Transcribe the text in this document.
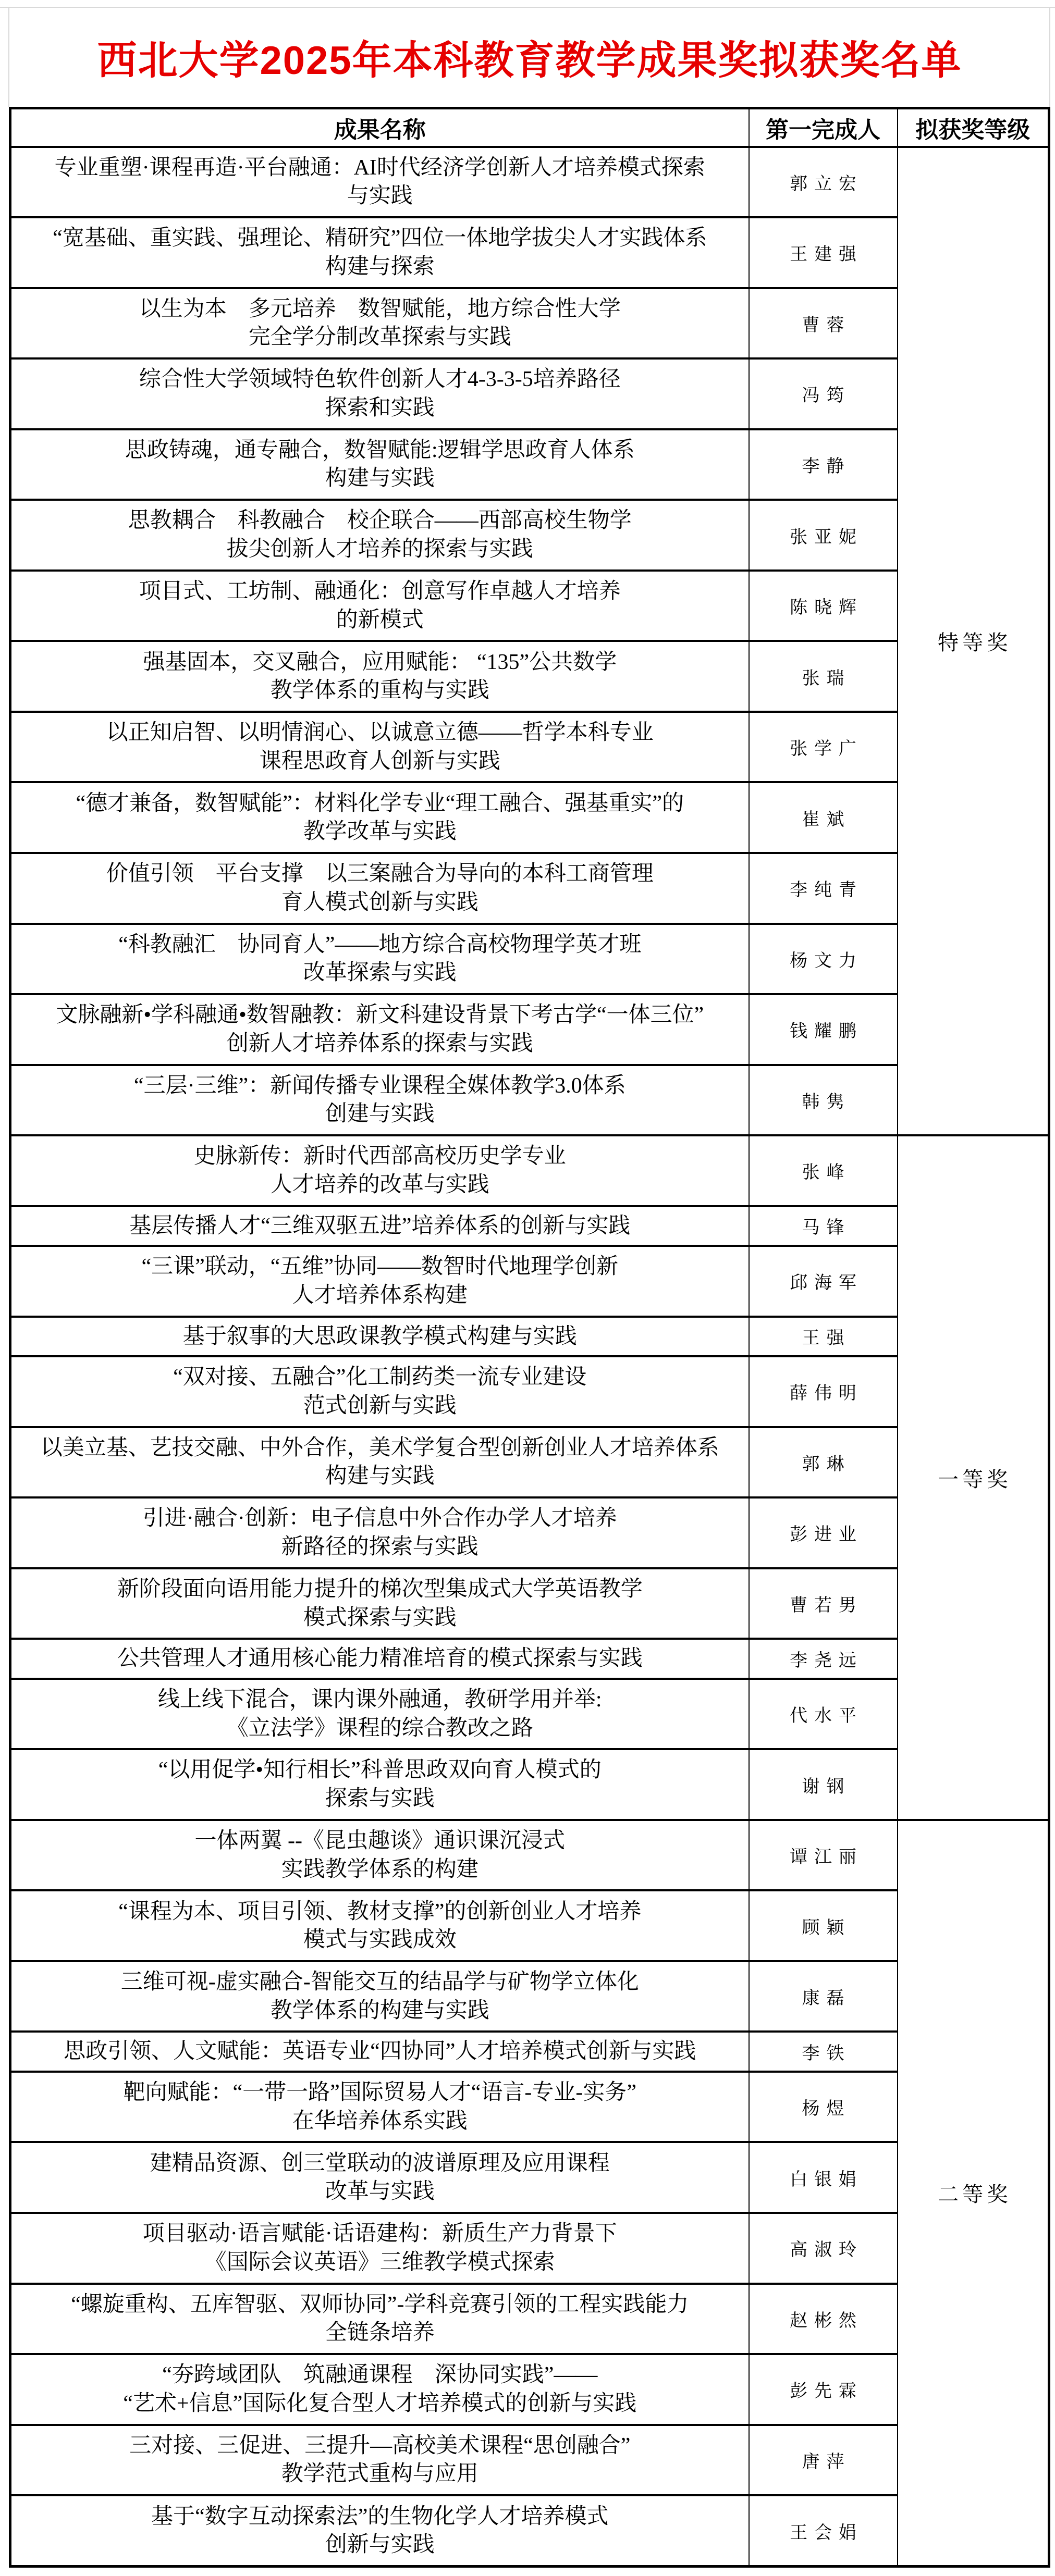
西北大学2025年本科教育教学成果奖拟获奖名单
成果名称	第一完成人	拟获奖等级

专业重塑·课程再造·平台融通：AI时代经济学创新人才培养模式探索
与实践	郭立宏	特等奖

“宽基础、重实践、强理论、精研究”四位一体地学拔尖人才实践体系
构建与探索	王建强	

以生为本　多元培养　数智赋能，地方综合性大学
完全学分制改革探索与实践	曹蓉	

综合性大学领域特色软件创新人才4-3-3-5培养路径
探索和实践	冯筠	

思政铸魂，通专融合，数智赋能:逻辑学思政育人体系
构建与实践	李静	

思教耦合　科教融合　校企联合——西部高校生物学
拔尖创新人才培养的探索与实践	张亚妮	

项目式、工坊制、融通化：创意写作卓越人才培养
的新模式	陈晓辉	

强基固本，交叉融合，应用赋能： “135”公共数学
教学体系的重构与实践	张瑞	

以正知启智、以明情润心、以诚意立德——哲学本科专业
课程思政育人创新与实践	张学广	

“德才兼备，数智赋能”：材料化学专业“理工融合、强基重实”的
教学改革与实践	崔斌	

价值引领　平台支撑　以三案融合为导向的本科工商管理
育人模式创新与实践	李纯青	

“科教融汇　协同育人”——地方综合高校物理学英才班
改革探索与实践	杨文力	

文脉融新•学科融通•数智融教：新文科建设背景下考古学“一体三位”
创新人才培养体系的探索与实践	钱耀鹏	

“三层·三维”：新闻传播专业课程全媒体教学3.0体系
创建与实践	韩隽	

史脉新传：新时代西部高校历史学专业
人才培养的改革与实践	张峰	一等奖

基层传播人才“三维双驱五进”培养体系的创新与实践	马锋	

“三课”联动，“五维”协同——数智时代地理学创新
人才培养体系构建	邱海军	

基于叙事的大思政课教学模式构建与实践	王强	

“双对接、五融合”化工制药类一流专业建设
范式创新与实践	薛伟明	

以美立基、艺技交融、中外合作，美术学复合型创新创业人才培养体系
构建与实践	郭琳	

引进·融合·创新：电子信息中外合作办学人才培养
新路径的探索与实践	彭进业	

新阶段面向语用能力提升的梯次型集成式大学英语教学
模式探索与实践	曹若男	

公共管理人才通用核心能力精准培育的模式探索与实践	李尧远	

线上线下混合，课内课外融通，教研学用并举:
《立法学》课程的综合教改之路	代水平	

“以用促学•知行相长”科普思政双向育人模式的
探索与实践	谢钢	

一体两翼 --《昆虫趣谈》通识课沉浸式
实践教学体系的构建	谭江丽	二等奖

“课程为本、项目引领、教材支撑”的创新创业人才培养
模式与实践成效	顾颖	

三维可视-虚实融合-智能交互的结晶学与矿物学立体化
教学体系的构建与实践	康磊	

思政引领、人文赋能：英语专业“四协同”人才培养模式创新与实践	李铁	

靶向赋能：“一带一路”国际贸易人才“语言-专业-实务”
在华培养体系实践	杨煜	

建精品资源、创三堂联动的波谱原理及应用课程
改革与实践	白银娟	

项目驱动·语言赋能·话语建构：新质生产力背景下
《国际会议英语》三维教学模式探索	高淑玲	

“螺旋重构、五库智驱、双师协同”-学科竞赛引领的工程实践能力
全链条培养	赵彬然	

“夯跨域团队　筑融通课程　深协同实践”——
“艺术+信息”国际化复合型人才培养模式的创新与实践	彭先霖	

三对接、三促进、三提升—高校美术课程“思创融合”
教学范式重构与应用	唐萍	

基于“数字互动探索法”的生物化学人才培养模式
创新与实践	王会娟	
